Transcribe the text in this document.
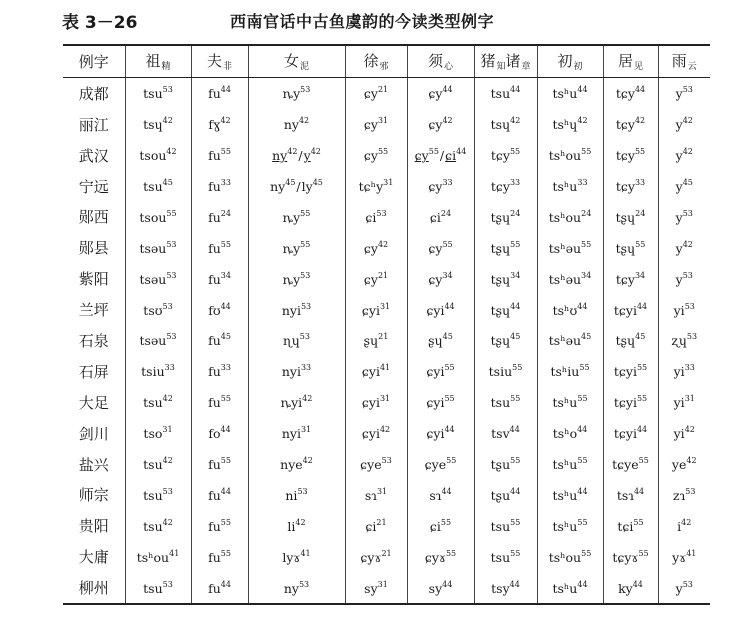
表 3－26	西南官话中古鱼虞韵的今读类型例字
例字	祖$_精$	夫$_非$	女$_泥$	徐$_邪$	须$_心$	猪$_知$诸$_章$	初$_初$	居$_见$	雨$_云$
成都	tsu$^{53}$	$fu^{44}$	$ȵy^{53}$	ɕy$^{21}$	ɕy$^{44}$	tsu$^{44}$	tsʰu$^{44}$	tɕy$^{44}$	$y^{53}$
丽江	tsɥ$^{42}$	fɣ$^{42}$	$ny^{42}$	ɕy$^{31}$	ɕy$^{42}$	tsɥ$^{42}$	tsʰɥ$^{42}$	tɕy$^{42}$	$y^{42}$
武汉	tsou$^{42}$	$fu^{55}$	$ny^{42}/y^{42}$	ɕy$^{55}$	ɕy$^{55}$/ɕi$^{44}$	tɕy$^{55}$	tsʰou$^{55}$	tɕy$^{55}$	$y^{42}$
宁远	tsu$^{45}$	$fu^{33}$	$ny^{45}/ly^{45}$	tɕʰy$^{31}$	ɕy$^{33}$	tɕy$^{33}$	tsʰu$^{33}$	tɕy$^{33}$	$y^{45}$
郧西	tsou$^{55}$	$fu^{24}$	$ȵy^{55}$	ɕi$^{53}$	ɕi$^{24}$	tʂɥ$^{24}$	tsʰou$^{24}$	tʂɥ$^{24}$	$y^{53}$
郧县	tsəu$^{53}$	$fu^{55}$	$ȵy^{55}$	ɕy$^{42}$	ɕy$^{55}$	tʂɥ$^{55}$	tsʰəu$^{55}$	tʂɥ$^{55}$	$y^{42}$
紫阳	tsəu$^{53}$	$fu^{34}$	$ȵy^{53}$	ɕy$^{21}$	ɕy$^{34}$	tʂɥ$^{34}$	tsʰəu$^{34}$	tɕy$^{34}$	$y^{53}$
兰坪	tsʊ$^{53}$	fʊ$^{44}$	nyi$^{53}$	ɕyi$^{31}$	ɕyi$^{44}$	tʂɥ$^{44}$	tsʰʊ$^{44}$	tɕyi$^{44}$	$yi^{53}$
石泉	tsəu$^{53}$	$fu^{45}$	ɳɥ$^{53}$	ʂɥ$^{21}$	ʂɥ$^{45}$	tʂɥ$^{45}$	tsʰəu$^{45}$	tʂɥ$^{45}$	ʐɥ$^{53}$
石屏	tsiu$^{33}$	$fu^{33}$	nyi$^{33}$	ɕyi$^{41}$	ɕyi$^{55}$	tsiu$^{55}$	tsʰiu$^{55}$	tɕyi$^{55}$	$yi^{33}$
大足	tsu$^{42}$	$fu^{55}$	ȵyi$^{42}$	ɕyi$^{31}$	ɕyi$^{55}$	tsu$^{55}$	tsʰu$^{55}$	tɕyi$^{55}$	$yi^{31}$
剑川	tso$^{31}$	$fo^{44}$	nyi$^{31}$	ɕyi$^{42}$	ɕyi$^{44}$	tsv$^{44}$	tsʰo$^{44}$	tɕyi$^{44}$	$yi^{42}$
盐兴	tsu$^{42}$	$fu^{55}$	nye$^{42}$	ɕye$^{53}$	ɕye$^{55}$	tʂu$^{55}$	tsʰu$^{55}$	tɕye$^{55}$	$ye^{42}$
师宗	tsu$^{53}$	$fu^{44}$	$ni^{53}$	sɿ$^{31}$	sɿ$^{44}$	tʂu$^{44}$	tsʰu$^{44}$	tsɿ$^{44}$	zɿ$^{53}$
贵阳	tsu$^{42}$	$fu^{55}$	$li^{42}$	ɕi$^{21}$	ɕi$^{55}$	tsu$^{55}$	tsʰu$^{55}$	tɕi$^{55}$	$i^{42}$
大庸	tsʰou$^{41}$	$fu^{55}$	lyɤ$^{41}$	ɕyɤ$^{21}$	ɕyɤ$^{55}$	tsu$^{55}$	tsʰou$^{55}$	tɕyɤ$^{55}$	yɤ$^{41}$
柳州	tsu$^{53}$	$fu^{44}$	$ny^{53}$	$sy^{31}$	$sy^{44}$	tsy$^{44}$	tsʰu$^{44}$	$ky^{44}$	$y^{53}$
